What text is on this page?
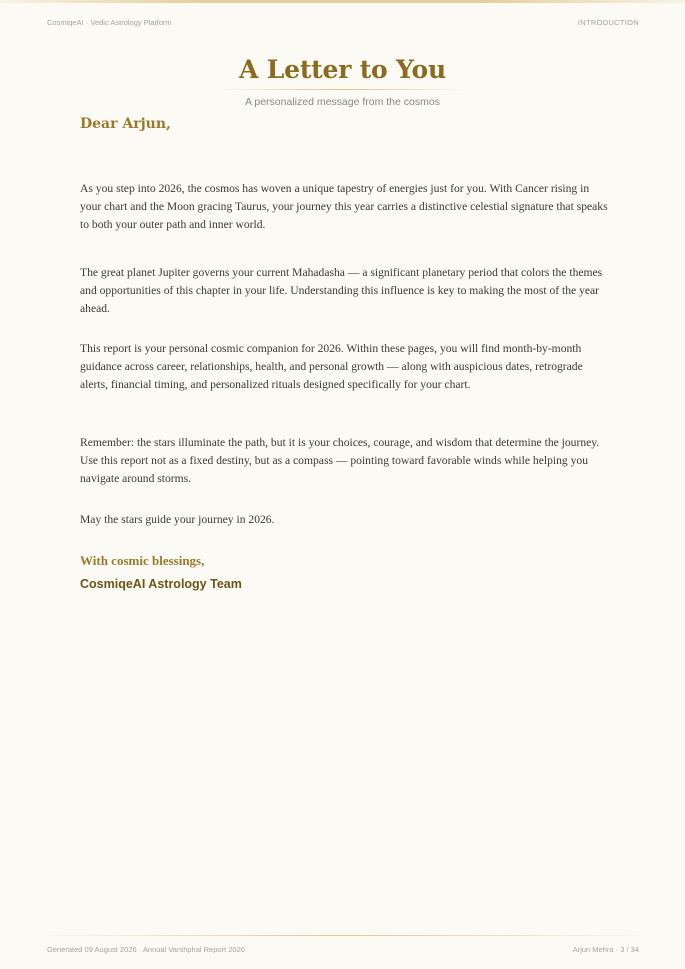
CosmiqeAI · Vedic Astrology Platform	INTRODUCTION
A Letter to You
A personalized message from the cosmos
Dear Arjun,

As you step into 2026, the cosmos has woven a unique tapestry of energies just for you. With Cancer rising in your chart and the Moon gracing Taurus, your journey this year carries a distinctive celestial signature that speaks to both your outer path and inner world.

The great planet Jupiter governs your current Mahadasha — a significant planetary period that colors the themes and opportunities of this chapter in your life. Understanding this influence is key to making the most of the year ahead.

This report is your personal cosmic companion for 2026. Within these pages, you will find month-by-month guidance across career, relationships, health, and personal growth — along with auspicious dates, retrograde alerts, financial timing, and personalized rituals designed specifically for your chart.

Remember: the stars illuminate the path, but it is your choices, courage, and wisdom that determine the journey. Use this report not as a fixed destiny, but as a compass — pointing toward favorable winds while helping you navigate around storms.

May the stars guide your journey in 2026.

With cosmic blessings,
CosmiqeAI Astrology Team
Generated 09 August 2026 · Annual Varshphal Report 2026	Arjun Mehra · 3 / 34
